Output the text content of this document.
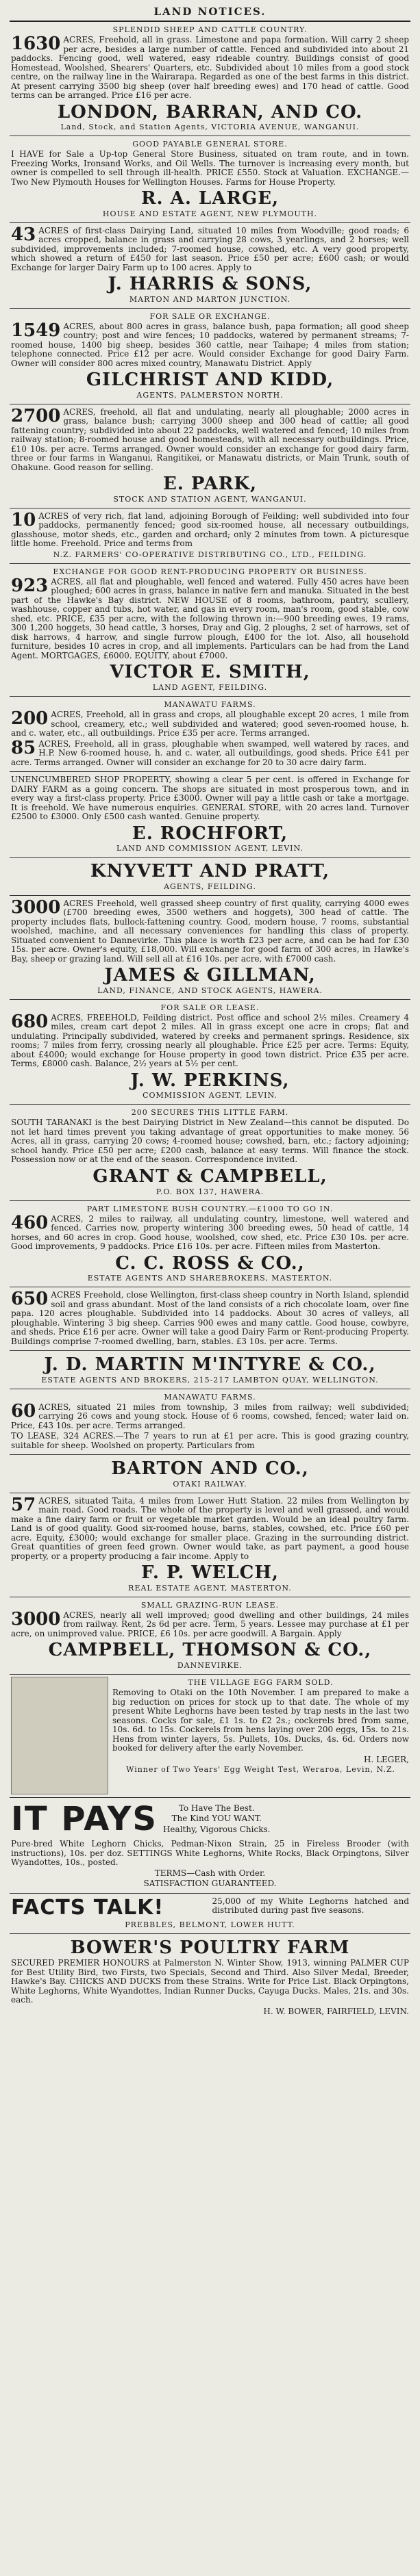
LAND NOTICES.
SPLENDID SHEEP AND CATTLE COUNTRY.
1630 ACRES, Freehold, all in grass. Limestone and papa formation. Will carry 2 sheep per acre, besides a large number of cattle. Fenced and subdivided into about 21 paddocks. Fencing good, well watered, easy rideable country. Buildings consist of good Homestead, Woolshed, Shearers' Quarters, etc. Subdivided about 10 miles from a good stock centre, on the railway line in the Wairarapa. Regarded as one of the best farms in this district. At present carrying 3500 big sheep (over half breeding ewes) and 170 head of cattle. Good terms can be arranged. Price £16 per acre.
LONDON, BARRAN, AND CO.
Land, Stock, and Station Agents, VICTORIA AVENUE, WANGANUI.
GOOD PAYABLE GENERAL STORE.
I HAVE for Sale a Up-top General Store Business, situated on tram route, and in town. Freezing Works, Ironsand Works, and Oil Wells. The turnover is increasing every month, but owner is compelled to sell through ill-health. PRICE £550. Stock at Valuation. EXCHANGE.—Two New Plymouth Houses for Wellington Houses. Farms for House Property.
R. A. LARGE,
HOUSE AND ESTATE AGENT, NEW PLYMOUTH.
43 ACRES of first-class Dairying Land, situated 10 miles from Woodville; good roads; 6 acres cropped, balance in grass and carrying 28 cows, 3 yearlings, and 2 horses; well subdivided, improvements included; 7-roomed house, cowshed, etc. A very good property, which showed a return of £450 for last season. Price £50 per acre; £600 cash; or would Exchange for larger Dairy Farm up to 100 acres. Apply to
J. HARRIS & SONS,
MARTON AND MARTON JUNCTION.
FOR SALE OR EXCHANGE.
1549 ACRES, about 800 acres in grass, balance bush, papa formation; all good sheep country; post and wire fences; 10 paddocks, watered by permanent streams; 7-roomed house, 1400 big sheep, besides 360 cattle, near Taihape; 4 miles from station; telephone connected. Price £12 per acre. Would consider Exchange for good Dairy Farm. Owner will consider 800 acres mixed country, Manawatu District. Apply
GILCHRIST AND KIDD,
AGENTS, PALMERSTON NORTH.
2700 ACRES, freehold, all flat and undulating, nearly all ploughable; 2000 acres in grass, balance bush; carrying 3000 sheep and 300 head of cattle; all good fattening country; subdivided into about 22 paddocks, well watered and fenced; 10 miles from railway station; 8-roomed house and good homesteads, with all necessary outbuildings. Price, £10 10s. per acre. Terms arranged. Owner would consider an exchange for good dairy farm, three or four farms in Wanganui, Rangitikei, or Manawatu districts, or Main Trunk, south of Ohakune. Good reason for selling.
E. PARK,
STOCK AND STATION AGENT, WANGANUI.
10 ACRES of very rich, flat land, adjoining Borough of Feilding; well subdivided into four paddocks, permanently fenced; good six-roomed house, all necessary outbuildings, glasshouse, motor sheds, etc., garden and orchard; only 2 minutes from town. A picturesque little home. Freehold. Price and terms from
N.Z. FARMERS' CO-OPERATIVE DISTRIBUTING CO., LTD., FEILDING.
EXCHANGE FOR GOOD RENT-PRODUCING PROPERTY OR BUSINESS.
923 ACRES, all flat and ploughable, well fenced and watered. Fully 450 acres have been ploughed; 600 acres in grass, balance in native fern and manuka. Situated in the best part of the Hawke's Bay district. NEW HOUSE of 8 rooms, bathroom, pantry, scullery, washhouse, copper and tubs, hot water, and gas in every room, man's room, good stable, cow shed, etc. PRICE, £35 per acre, with the following thrown in:—900 breeding ewes, 19 rams, 300 1,200 hoggets, 30 head cattle, 3 horses, Dray and Gig, 2 ploughs, 2 set of harrows, set of disk harrows, 4 harrow, and single furrow plough, £400 for the lot. Also, all household furniture, besides 10 acres in crop, and all implements. Particulars can be had from the Land Agent. MORTGAGES, £6000. EQUITY, about £7000.
VICTOR E. SMITH,
LAND AGENT, FEILDING.
MANAWATU FARMS.
200 ACRES, Freehold, all in grass and crops, all ploughable except 20 acres, 1 mile from school, creamery, etc.; well subdivided and watered; good seven-roomed house, h. and c. water, etc., all outbuildings. Price £35 per acre. Terms arranged.
85 ACRES, Freehold, all in grass, ploughable when swamped, well watered by races, and H.P. New 6-roomed house, h. and c. water, all outbuildings, good sheds. Price £41 per acre. Terms arranged. Owner will consider an exchange for 20 to 30 acre dairy farm.
UNENCUMBERED SHOP PROPERTY, showing a clear 5 per cent. is offered in Exchange for DAIRY FARM as a going concern. The shops are situated in most prosperous town, and in every way a first-class property. Price £3000. Owner will pay a little cash or take a mortgage. It is freehold. We have numerous enquiries. GENERAL STORE, with 20 acres land. Turnover £2500 to £3000. Only £500 cash wanted. Genuine property.
E. ROCHFORT,
LAND AND COMMISSION AGENT, LEVIN.
KNYVETT AND PRATT,
AGENTS, FEILDING.
3000 ACRES Freehold, well grassed sheep country of first quality, carrying 4000 ewes (£700 breeding ewes, 3500 wethers and hoggets), 300 head of cattle. The property includes flats, bullock-fattening country. Good, modern house, 7 rooms, substantial woolshed, machine, and all necessary conveniences for handling this class of property. Situated convenient to Dannevirke. This place is worth £23 per acre, and can be had for £30 15s. per acre. Owner's equity, £18,000. Will exchange for good farm of 300 acres, in Hawke's Bay, sheep or grazing land. Will sell all at £16 10s. per acre, with £7000 cash.
JAMES & GILLMAN,
LAND, FINANCE, AND STOCK AGENTS, HAWERA.
FOR SALE OR LEASE.
680 ACRES, FREEHOLD, Feilding district. Post office and school 2½ miles. Creamery 4 miles, cream cart depot 2 miles. All in grass except one acre in crops; flat and undulating. Principally subdivided, watered by creeks and permanent springs. Residence, six rooms; 7 miles from ferry, crossing nearly all ploughable. Price £25 per acre. Terms: Equity, about £4000; would exchange for House property in good town district. Price £35 per acre. Terms, £8000 cash. Balance, 2½ years at 5½ per cent.
J. W. PERKINS,
COMMISSION AGENT, LEVIN.
200 SECURES THIS LITTLE FARM.
SOUTH TARANAKI is the best Dairying District in New Zealand—this cannot be disputed. Do not let hard times prevent you taking advantage of great opportunities to make money. 56 Acres, all in grass, carrying 20 cows; 4-roomed house; cowshed, barn, etc.; factory adjoining; school handy. Price £50 per acre; £200 cash, balance at easy terms. Will finance the stock. Possession now or at the end of the season. Correspondence invited.
GRANT & CAMPBELL,
P.O. BOX 137, HAWERA.
PART LIMESTONE BUSH COUNTRY.—£1000 TO GO IN.
460 ACRES, 2 miles to railway, all undulating country, limestone, well watered and fenced. Carries now, property wintering 300 breeding ewes, 50 head of cattle, 14 horses, and 60 acres in crop. Good house, woolshed, cow shed, etc. Price £30 10s. per acre. Good improvements, 9 paddocks. Price £16 10s. per acre. Fifteen miles from Masterton.
C. C. ROSS & CO.,
ESTATE AGENTS AND SHAREBROKERS, MASTERTON.
650 ACRES Freehold, close Wellington, first-class sheep country in North Island, splendid soil and grass abundant. Most of the land consists of a rich chocolate loam, over fine papa. 120 acres ploughable. Subdivided into 14 paddocks. About 30 acres of valleys, all ploughable. Wintering 3 big sheep. Carries 900 ewes and many cattle. Good house, cowbyre, and sheds. Price £16 per acre. Owner will take a good Dairy Farm or Rent-producing Property. Buildings comprise 7-roomed dwelling, barn, stables. £3 10s. per acre. Terms.
J. D. MARTIN M'INTYRE & CO.,
ESTATE AGENTS AND BROKERS, 215-217 LAMBTON QUAY, WELLINGTON.
MANAWATU FARMS.
60 ACRES, situated 21 miles from township, 3 miles from railway; well subdivided; carrying 26 cows and young stock. House of 6 rooms, cowshed, fenced; water laid on. Price, £43 10s. per acre. Terms arranged.
TO LEASE, 324 ACRES.—The 7 years to run at £1 per acre. This is good grazing country, suitable for sheep. Woolshed on property. Particulars from
BARTON AND CO.,
OTAKI RAILWAY.
57 ACRES, situated Taita, 4 miles from Lower Hutt Station. 22 miles from Wellington by main road. Good roads. The whole of the property is level and well grassed, and would make a fine dairy farm or fruit or vegetable market garden. Would be an ideal poultry farm. Land is of good quality. Good six-roomed house, barns, stables, cowshed, etc. Price £60 per acre. Equity, £3000; would exchange for smaller place. Grazing in the surrounding district. Great quantities of green feed grown. Owner would take, as part payment, a good house property, or a property producing a fair income. Apply to
F. P. WELCH,
REAL ESTATE AGENT, MASTERTON.
SMALL GRAZING-RUN LEASE.
3000 ACRES, nearly all well improved; good dwelling and other buildings, 24 miles from railway. Rent, 2s 6d per acre. Term, 5 years. Lessee may purchase at £1 per acre, on unimproved value. PRICE, £6 10s. per acre goodwill. A Bargain. Apply
CAMPBELL, THOMSON & CO.,
DANNEVIRKE.
THE VILLAGE EGG FARM SOLD.
Removing to Otaki on the 10th November. I am prepared to make a big reduction on prices for stock up to that date. The whole of my present White Leghorns have been tested by trap nests in the last two seasons. Cocks for sale, £1 1s. to £2 2s.; cockerels bred from same, 10s. 6d. to 15s. Cockerels from hens laying over 200 eggs, 15s. to 21s. Hens from winter layers, 5s. Pullets, 10s. Ducks, 4s. 6d. Orders now booked for delivery after the early November.
H. LEGER,
Winner of Two Years' Egg Weight Test, Weraroa, Levin, N.Z.
IT PAYS	To Have The Best.
The Kind YOU WANT.
Healthy, Vigorous Chicks.
Pure-bred White Leghorn Chicks, Pedman-Nixon Strain, 25 in Fireless Brooder (with instructions), 10s. per doz. SETTINGS White Leghorns, White Rocks, Black Orpingtons, Silver Wyandottes, 10s., posted.
TERMS—Cash with Order.
SATISFACTION GUARANTEED.
FACTS TALK!	25,000 of my White Leghorns hatched and distributed during past five seasons.
PREBBLES, BELMONT, LOWER HUTT.
BOWER'S POULTRY FARM
SECURED PREMIER HONOURS at Palmerston N. Winter Show, 1913, winning PALMER CUP for Best Utility Bird, two Firsts, two Specials, Second and Third. Also Silver Medal, Breeder, Hawke's Bay. CHICKS AND DUCKS from these Strains. Write for Price List. Black Orpingtons, White Leghorns, White Wyandottes, Indian Runner Ducks, Cayuga Ducks. Males, 21s. and 30s. each.
H. W. BOWER, FAIRFIELD, LEVIN.
